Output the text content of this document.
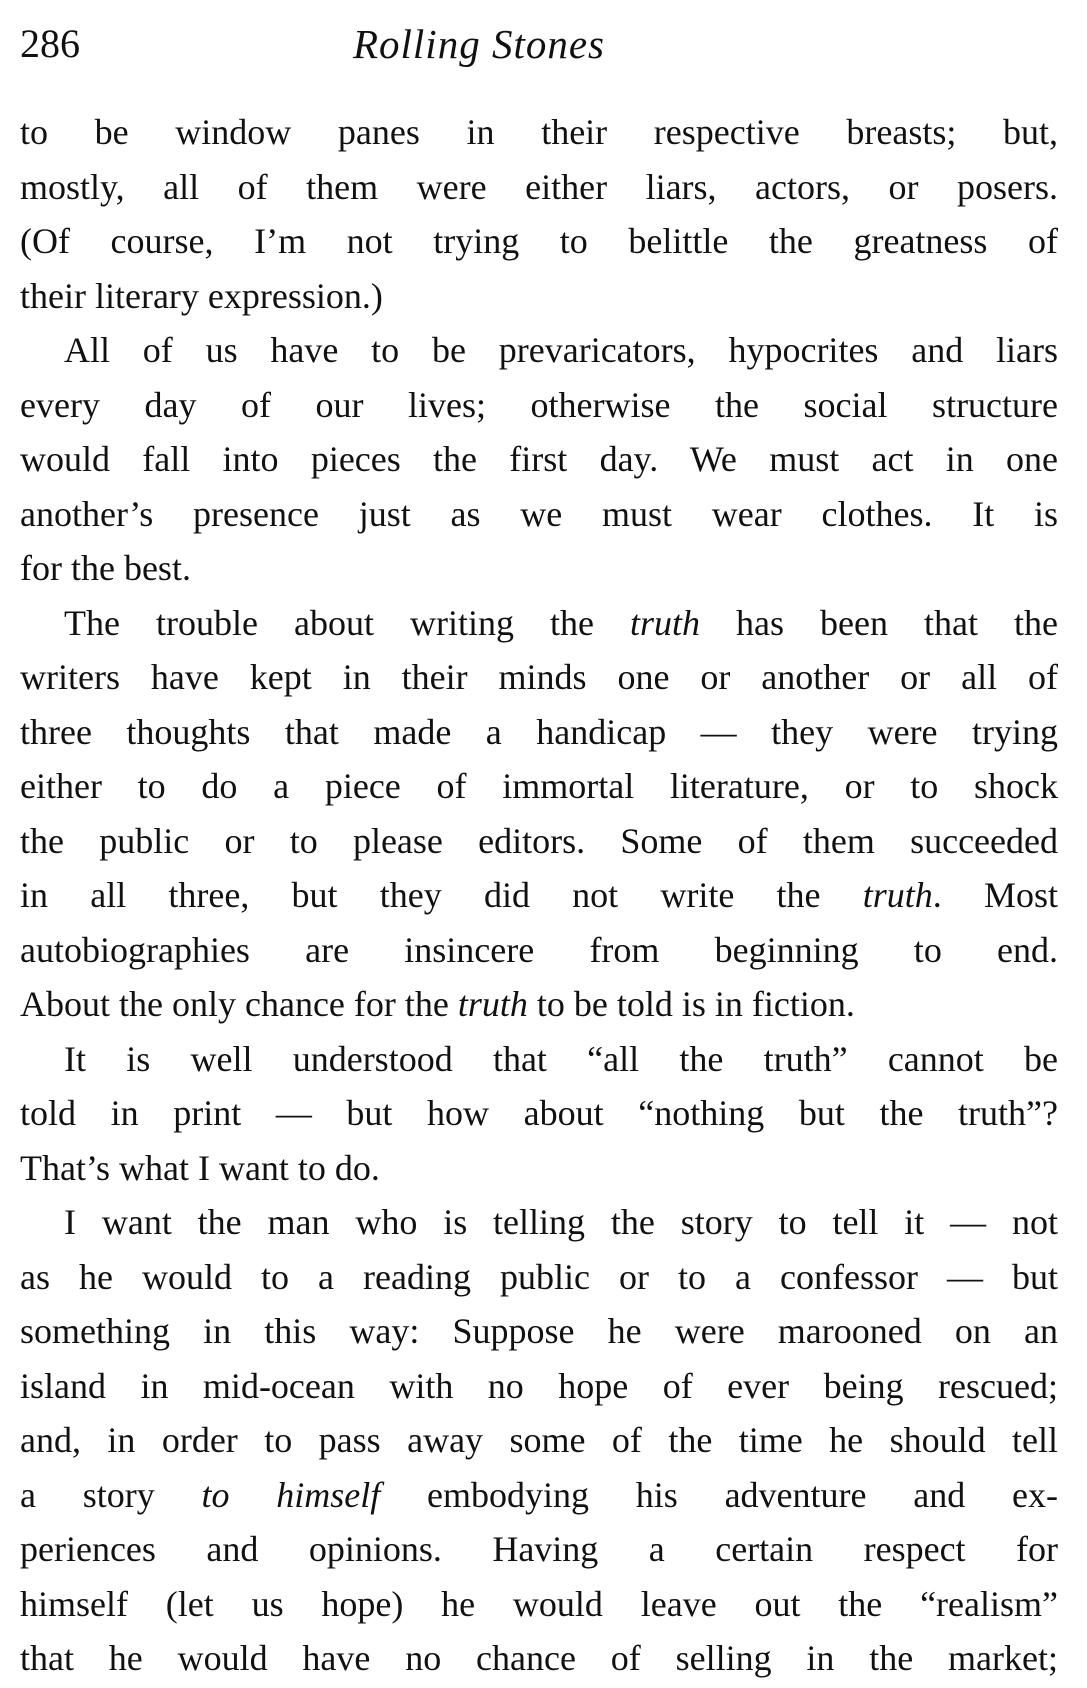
286	Rolling Stones
to be window panes in their respective breasts; but,
mostly, all of them were either liars, actors, or posers.
(Of course, I’m not trying to belittle the greatness of
their literary expression.)
All of us have to be prevaricators, hypocrites and liars
every day of our lives; otherwise the social structure
would fall into pieces the first day. We must act in one
another’s presence just as we must wear clothes. It is
for the best.
The trouble about writing the truth has been that the
writers have kept in their minds one or another or all of
three thoughts that made a handicap — they were trying
either to do a piece of immortal literature, or to shock
the public or to please editors. Some of them succeeded
in all three, but they did not write the truth. Most
autobiographies are insincere from beginning to end.
About the only chance for the truth to be told is in fiction.
It is well understood that “all the truth” cannot be
told in print — but how about “nothing but the truth”?
That’s what I want to do.
I want the man who is telling the story to tell it — not
as he would to a reading public or to a confessor — but
something in this way: Suppose he were marooned on an
island in mid-ocean with no hope of ever being rescued;
and, in order to pass away some of the time he should tell
a story to himself embodying his adventure and ex-
periences and opinions. Having a certain respect for
himself (let us hope) he would leave out the “realism”
that he would have no chance of selling in the market;
